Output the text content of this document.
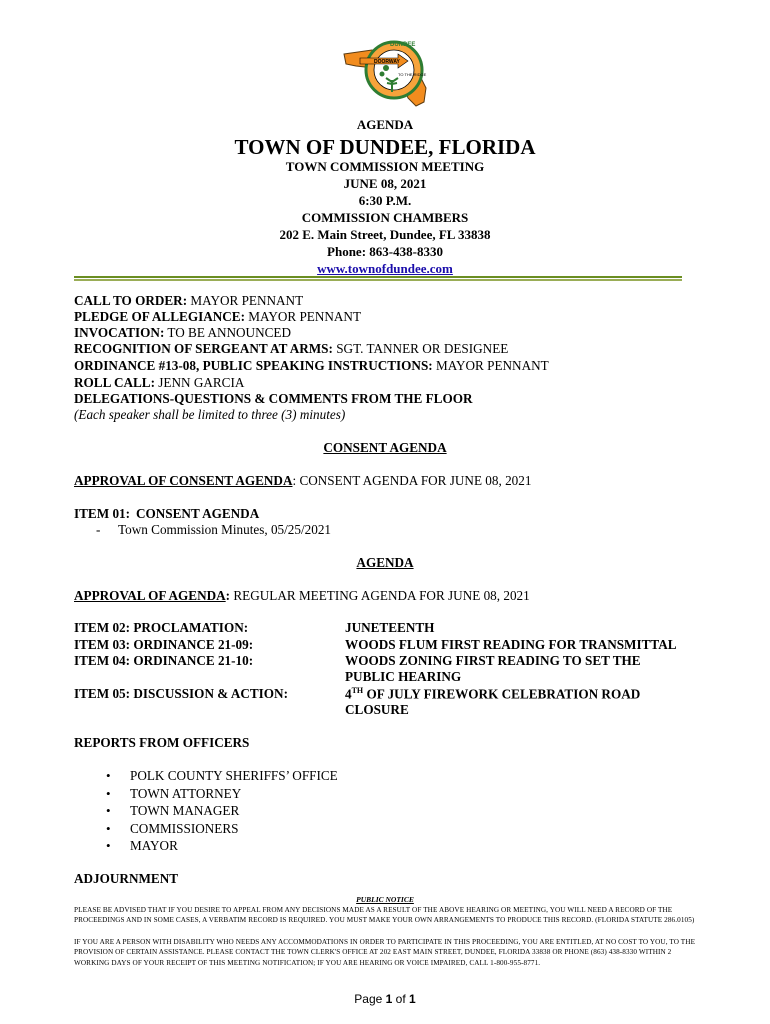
DOORWAY
DUNDEE
TO THE RIDGE
AGENDA
TOWN OF DUNDEE, FLORIDA
TOWN COMMISSION MEETING
JUNE 08, 2021
6:30 P.M.
COMMISSION CHAMBERS
202 E. Main Street, Dundee, FL 33838
Phone: 863-438-8330
www.townofdundee.com
CALL TO ORDER: MAYOR PENNANT
PLEDGE OF ALLEGIANCE: MAYOR PENNANT
INVOCATION: TO BE ANNOUNCED
RECOGNITION OF SERGEANT AT ARMS: SGT. TANNER OR DESIGNEE
ORDINANCE #13-08, PUBLIC SPEAKING INSTRUCTIONS: MAYOR PENNANT
ROLL CALL: JENN GARCIA
DELEGATIONS-QUESTIONS & COMMENTS FROM THE FLOOR
(Each speaker shall be limited to three (3) minutes)
CONSENT AGENDA
APPROVAL OF CONSENT AGENDA: CONSENT AGENDA FOR JUNE 08, 2021
ITEM 01: CONSENT AGENDA
- Town Commission Minutes, 05/25/2021
AGENDA
APPROVAL OF AGENDA: REGULAR MEETING AGENDA FOR JUNE 08, 2021
ITEM 02: PROCLAMATION:	JUNETEENTH
ITEM 03: ORDINANCE 21-09:	WOODS FLUM FIRST READING FOR TRANSMITTAL
ITEM 04: ORDINANCE 21-10:	WOODS ZONING FIRST READING TO SET THE
PUBLIC HEARING
ITEM 05: DISCUSSION & ACTION:	4TH OF JULY FIREWORK CELEBRATION ROAD
CLOSURE
REPORTS FROM OFFICERS
• POLK COUNTY SHERIFFS’ OFFICE
• TOWN ATTORNEY
• TOWN MANAGER
• COMMISSIONERS
• MAYOR
ADJOURNMENT
PUBLIC NOTICE
PLEASE BE ADVISED THAT IF YOU DESIRE TO APPEAL FROM ANY DECISIONS MADE AS A RESULT OF THE ABOVE HEARING OR MEETING, YOU WILL NEED A RECORD OF THE PROCEEDINGS AND IN SOME CASES, A VERBATIM RECORD IS REQUIRED. YOU MUST MAKE YOUR OWN ARRANGEMENTS TO PRODUCE THIS RECORD. (FLORIDA STATUTE 286.0105)
IF YOU ARE A PERSON WITH DISABILITY WHO NEEDS ANY ACCOMMODATIONS IN ORDER TO PARTICIPATE IN THIS PROCEEDING, YOU ARE ENTITLED, AT NO COST TO YOU, TO THE PROVISION OF CERTAIN ASSISTANCE. PLEASE CONTACT THE TOWN CLERK'S OFFICE AT 202 EAST MAIN STREET, DUNDEE, FLORIDA 33838 OR PHONE (863) 438-8330 WITHIN 2 WORKING DAYS OF YOUR RECEIPT OF THIS MEETING NOTIFICATION; IF YOU ARE HEARING OR VOICE IMPAIRED, CALL 1-800-955-8771.
Page 1 of 1
